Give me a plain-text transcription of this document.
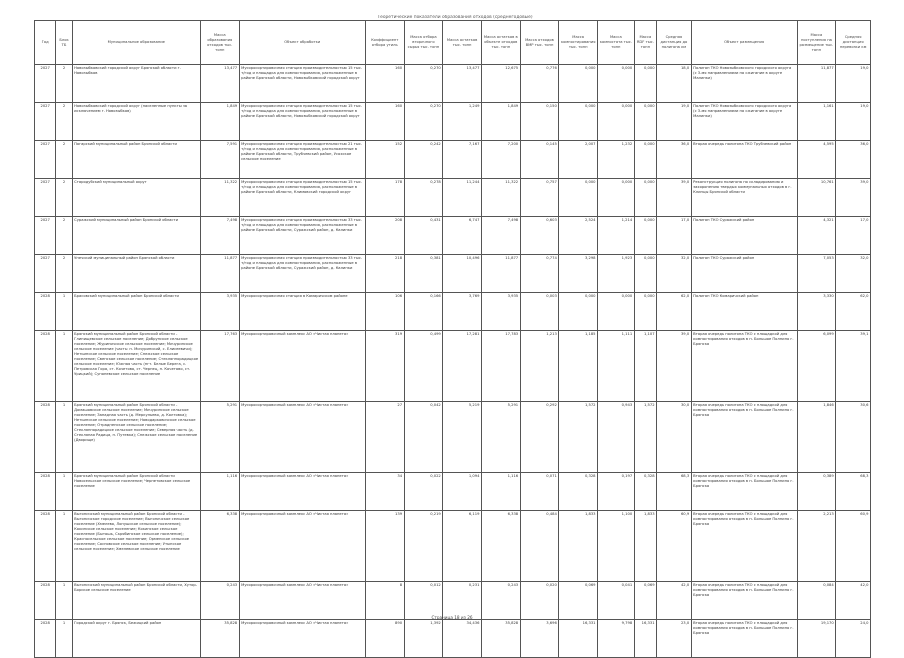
Теоретические показатели образования отходов (среднегодовые)
Год	Блок ТБ	Муниципальное образование	Масса образования отходов тыс. тонн	Объект обработки	Коэффициент отбора утиль	Масса отбора вторичного сырья тыс. тонн	Масса остатков тыс. тонн	Масса остатков в объекте отходов тыс. тонн	Масса отходов ВМР тыс. тонн	Масса компостирования тыс. тонн	Масса компостата тыс. тонн	Масса RDF тыс. тонн	Средняя дистанция до полигона км	Объект размещения	Масса поступления на размещение тыс. тонн	Средняя дистанция перевозки км
2027	2	Новозыбковский городской округ Брянской области г. Новозыбков	13,477	Мусоросортировочная станция производительностью 15 тыс. т/год и площадка для компостирования, расположенные в районе Брянской области, Новозыбковский городской округ	160	0,270	13,477	12,675	0,776	0,000	0,000	0,000	18,0	Полигон ТКО Новозыбковского городского округа (с 3-мя направлениями на сжигание в округе Малинки)	11,877	19,0
2027	2	Новозыбковский городской округ (населенные пункты за исключением г. Новозыбков)	1,849	Мусоросортировочная станция производительностью 15 тыс. т/год и площадка для компостирования, расположенные в районе Брянской области, Новозыбковский городской округ	160	0,270	1,249	1,849	0,150	0,000	0,000	0,000	19,0	Полигон ТКО Новозыбковского городского округа (с 3-мя направлениями на сжигание в округе Малинки)	1,161	19,0
2027	2	Погарский муниципальный район Брянской области	7,591	Мусоросортировочная станция производительностью 21 тыс. т/год и площадка для компостирования, расположенные в районе Брянской области, Трубчевский район, Усохское сельское поселение	152	0,242	7,167	7,200	0,145	2,007	1,232	0,000	36,0	Вторая очередь полигона ТКО Трубчевский район	4,595	36,0
2027	2	Стародубский муниципальный округ	11,322	Мусоросортировочная станция производительностью 15 тыс. т/год и площадка для компостирования, расположенные в районе Брянской области, Климовский городской округ	178	0,278	11,244	11,322	0,757	0,000	0,000	0,000	39,0	Реконструкция полигона по складированию и захоронению твердых коммунальных отходов в г. Клинцы Брянской области	10,761	39,0
2027	2	Суражский муниципальный район Брянской области	7,498	Мусоросортировочная станция производительностью 33 тыс. т/год и площадка для компостирования, расположенные в районе Брянской области, Суражский район, д. Калинки	208	0,431	6,747	7,498	0,603	2,524	1,214	0,000	17,0	Полигон ТКО Суражский район	4,321	17,0
2027	2	Унечский муниципальный район Брянской области	11,877	Мусоросортировочная станция производительностью 33 тыс. т/год и площадка для компостирования, расположенные в районе Брянской области, Суражский район, д. Калинки	218	0,381	10,496	11,877	0,774	3,298	1,923	0,000	32,0	Полигон ТКО Суражский район	7,053	32,0
2028	1	Брасовский муниципальный район Брянской области	3,935	Мусоросортировочная станция в Комаричском районе	106	0,166	3,769	3,935	0,003	0,000	0,000	0,000	62,0	Полигон ТКО Комаричский район	3,330	62,0
2028	1	Брянский муниципальный район Брянской области - Глинищевское сельское поселение; Добрунское сельское поселение; Журиничское сельское поселение; Мичуринское сельское поселение (часть: п. Мичуринский, с. Елисеевичи); Нетьинское сельское поселение; Снежское сельское поселение; Свенское сельское поселение; Стекляннорадицкое сельское поселение; Южная часть (пгт. Белые Берега, с. Петровская Гора, ст. Кочетово, ст. Чернец, п. Кочетово, ст. Урицкий); Супоневское сельское поселение	17,763	Мусоросортировочный комплекс АО «Чистая планета»	319	0,499	17,281	17,783	1,213	1,185	1,111	1,107	39,0	Вторая очередь полигона ТКО с площадкой для компостирования отходов в п. Большое Полпино г. Брянска	6,099	39,1
2028	1	Брянский муниципальный район Брянской области - Домашовское сельское поселение; Мичуринское сельское поселение; Западная часть (д. Меркульево, д. Колтовка); Нетьинское сельское поселение; Новодарковичское сельское поселение; Отрадненское сельское поселение; Стекляннорадицкое сельское поселение; Северная часть (д. Стекляная Радица, п. Путевка); Снежское сельское поселение (Дворище)	5,291	Мусоросортировочный комплекс АО «Чистая планета»	27	0,042	5,219	5,291	0,292	1,572	0,943	1,572	30,0	Вторая очередь полигона ТКО с площадкой для компостирования отходов в п. Большое Полпино г. Брянска	1,846	30,6
2028	1	Брянский муниципальный район Брянской области Новосельское сельское поселение; Чернетовское сельское поселение	1,116	Мусоросортировочный комплекс АО «Чистая планета»	34	0,022	1,094	1,116	0,071	0,328	0,197	0,328	68,3	Вторая очередь полигона ТКО с площадкой для компостирования отходов в п. Большое Полпино г. Брянска	0,389	68,3
2028	1	Выгоничский муниципальный район Брянской области - Выгоничское городское поселение; Выгоничское сельское поселение (Хмелево, Лопушское сельское поселение); Кокинское сельское поселение; Кокинское сельское поселение (Бытошь, Скрябинское сельское поселение); Красносельское сельское поселение; Орменское сельское поселение; Сосновское сельское поселение; Утынское сельское поселение; Хмелевское сельское поселение	6,338	Мусоросортировочный комплекс АО «Чистая планета»	139	0,219	6,119	6,338	0,484	1,833	1,100	1,833	60,9	Вторая очередь полигона ТКО с площадкой для компостирования отходов в п. Большое Полпино г. Брянска	2,213	60,9
2028	1	Выгоничский муниципальный район Брянской области, Хутор-Борское сельское поселение	0,243	Мусоросортировочный комплекс АО «Чистая планета»	8	0,012	0,231	0,243	0,020	0,069	0,041	0,069	42,0	Вторая очередь полигона ТКО с площадкой для компостирования отходов в п. Большое Полпино г. Брянска	0,084	42,0
2028	1	Городской округ г. Брянск, Бежицкий район	35,828	Мусоросортировочный комплекс АО «Чистая планета»	890	1,392	34,436	35,828	3,696	16,331	9,798	16,331	23,0	Вторая очередь полигона ТКО с площадкой для компостирования отходов в п. Большое Полпино г. Брянска	19,170	24,0
Страница 18 из 26
